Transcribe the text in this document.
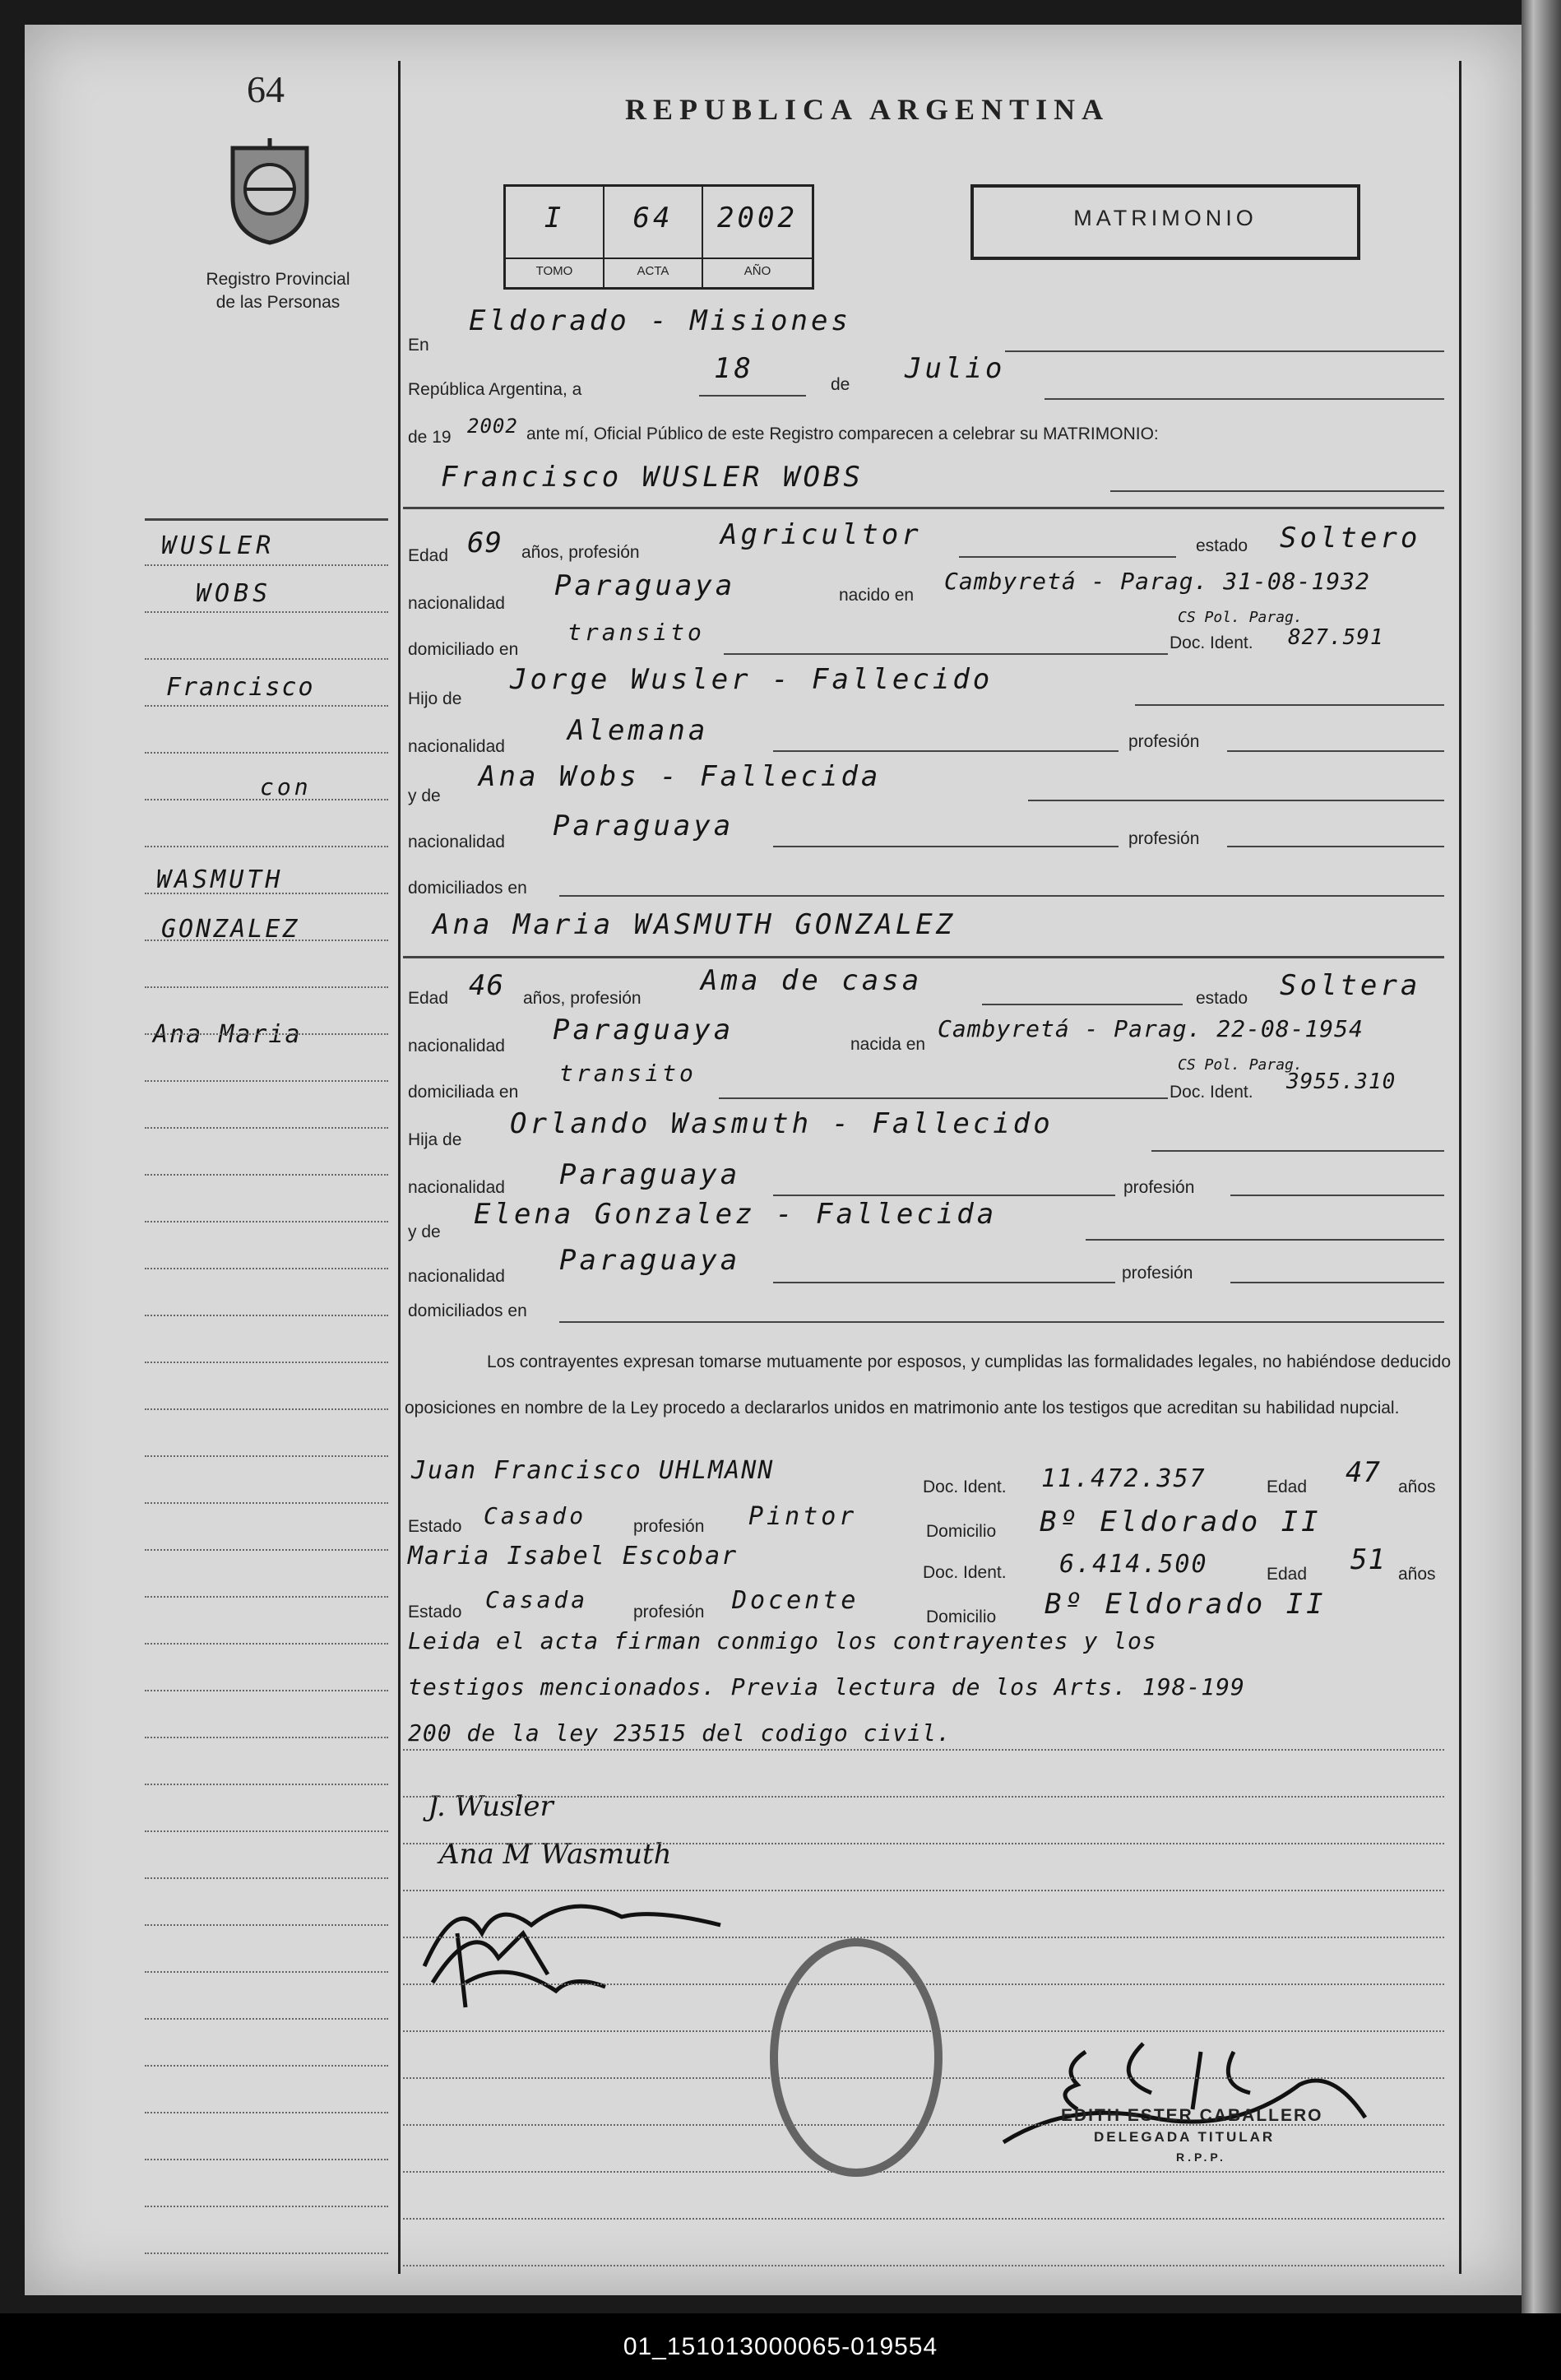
64
Registro Provincial
de las Personas
REPUBLICA ARGENTINA
I
TOMO
64
ACTA
2002
AÑO
MATRIMONIO
En
Eldorado - Misiones
República Argentina, a
18	de Julio
de 19 2002 ante mí, Oficial Público de este Registro comparecen a celebrar su MATRIMONIO:
Francisco WUSLER WOBS
Edad 69 años, profesión
Agricultor	estado Soltero
nacionalidad
Paraguaya	nacido en
Cambyretá - Parag. 31-08-1932
domiciliado en
transito
CS Pol. Parag.
Doc. Ident. 827.591
Hijo de
Jorge Wusler - Fallecido
nacionalidad Alemana	profesión
y de
Ana Wobs - Fallecida
nacionalidad Paraguaya	profesión
domiciliados en
Ana Maria WASMUTH GONZALEZ
Edad 46 años, profesión
Ama de casa
estado Soltera
nacionalidad Paraguaya	nacida en
Cambyretá - Parag. 22-08-1954
domiciliada en
transito	CS Pol. Parag.
Doc. Ident. 3955.310
Hija de Orlando Wasmuth - Fallecido
nacionalidad Paraguaya	profesión
y de
Elena Gonzalez - Fallecida
nacionalidad Paraguaya	profesión
domiciliados en
Los contrayentes expresan tomarse mutuamente por esposos, y cumplidas las formalidades legales, no habiéndose deducido oposiciones en nombre de la Ley procedo a declararlos unidos en matrimonio ante los testigos que acreditan su habilidad nupcial.
Juan Francisco UHLMANN
Doc. Ident. 11.472.357	Edad 47 años
Estado Casado	profesión Pintor
Domicilio Bº Eldorado II
Maria Isabel Escobar
Doc. Ident. 6.414.500	Edad 51 años
Estado Casada	profesión Docente
Domicilio Bº Eldorado II
Leida el acta firman conmigo los contrayentes y los
testigos mencionados. Previa lectura de los Arts. 198-199
200 de la ley 23515 del codigo civil.
J. Wusler
Ana M Wasmuth
EDITH ESTER CABALLERO
DELEGADA TITULAR
R.P.P.
WUSLER
WOBS
Francisco
con
WASMUTH
GONZALEZ
Ana Maria
01_151013000065-019554
